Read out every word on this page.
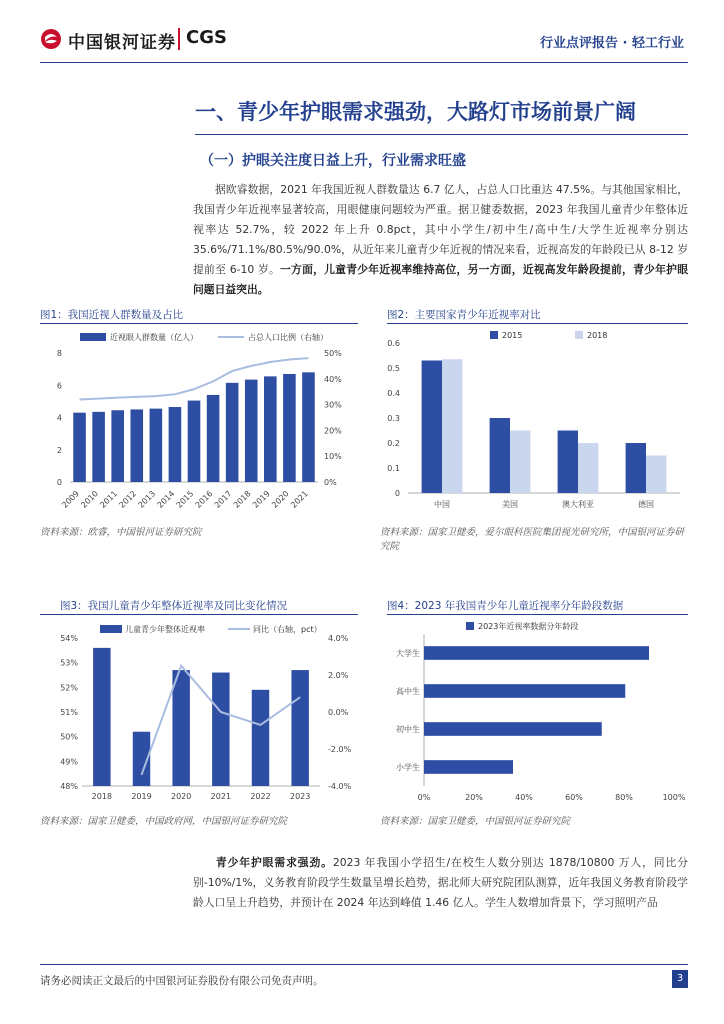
中国银河证券 CGS	行业点评报告 · 轻工行业
一、青少年护眼需求强劲，大路灯市场前景广阔
（一）护眼关注度日益上升，行业需求旺盛
据欧睿数据，2021 年我国近视人群数量达 6.7 亿人，占总人口比重达 47.5%。与其他国家相比，我国青少年近视率显著较高，用眼健康问题较为严重。据卫健委数据，2023 年我国儿童青少年整体近视率达 52.7%，较 2022 年上升 0.8pct，其中小学生/初中生/高中生/大学生近视率分别达 35.6%/71.1%/80.5%/90.0%，从近年来儿童青少年近视的情况来看，近视高发的年龄段已从 8-12 岁提前至 6-10 岁。一方面，儿童青少年近视率维持高位，另一方面，近视高发年龄段提前，青少年护眼问题日益突出。
图1：我国近视人群数量及占比
0
2
4
6
8
0%
10%
20%
30%
40%
50%
2009
2010
2011
2012
2013
2014
2015
2016
2017
2018
2019
2020
2021
近视眼人群数量（亿人）	占总人口比例（右轴）
资料来源：欧睿，中国银河证券研究院
图2：主要国家青少年近视率对比
0
0.1
0.2
0.3
0.4
0.5
0.6
中国	美国	澳大利亚	德国
2015	2018
资料来源：国家卫健委，爱尔眼科医院集团视光研究所，中国银河证券研究院
图3：我国儿童青少年整体近视率及同比变化情况
48%
49%
50%
51%
52%
53%
54%
-4.0%
-2.0%
0.0%
2.0%
4.0%
2018 2019 2020 2021 2022 2023
儿童青少年整体近视率	同比（右轴，pct）
资料来源：国家卫健委，中国政府网，中国银河证券研究院
图4：2023 年我国青少年儿童近视率分年龄段数据
0%	20%	40%	60%	80%	100%
大学生
高中生
初中生
小学生
2023年近视率数据分年龄段
资料来源：国家卫健委，中国银河证券研究院
青少年护眼需求强劲。2023 年我国小学招生/在校生人数分别达 1878/10800 万人，同比分别-10%/1%，义务教育阶段学生数量呈增长趋势，据北师大研究院团队测算，近年我国义务教育阶段学龄人口呈上升趋势，并预计在 2024 年达到峰值 1.46 亿人。学生人数增加背景下，学习照明产品
请务必阅读正文最后的中国银河证券股份有限公司免责声明。	3
